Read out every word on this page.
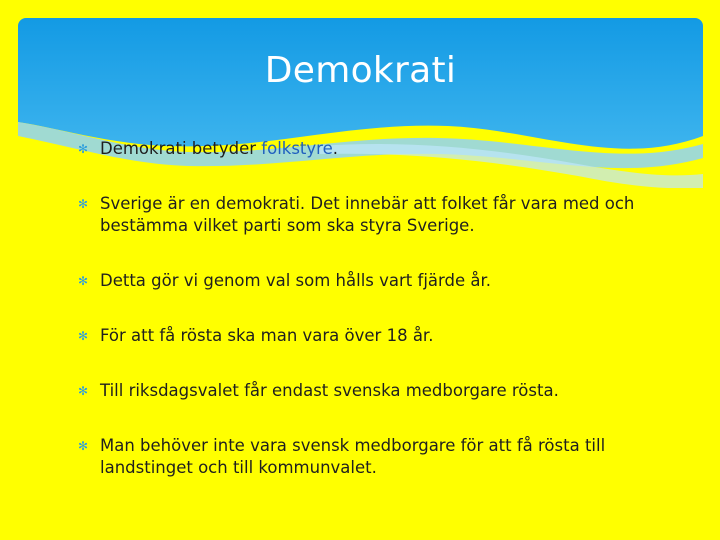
Demokrati
✻ Demokrati betyder folkstyre.
✻ Sverige är en demokrati. Det innebär att folket får vara med och bestämma vilket parti som ska styra Sverige.
✻ Detta gör vi genom val som hålls vart fjärde år.
✻ För att få rösta ska man vara över 18 år.
✻ Till riksdagsvalet får endast svenska medborgare rösta.
✻ Man behöver inte vara svensk medborgare för att få rösta till landstinget och till kommunvalet.
